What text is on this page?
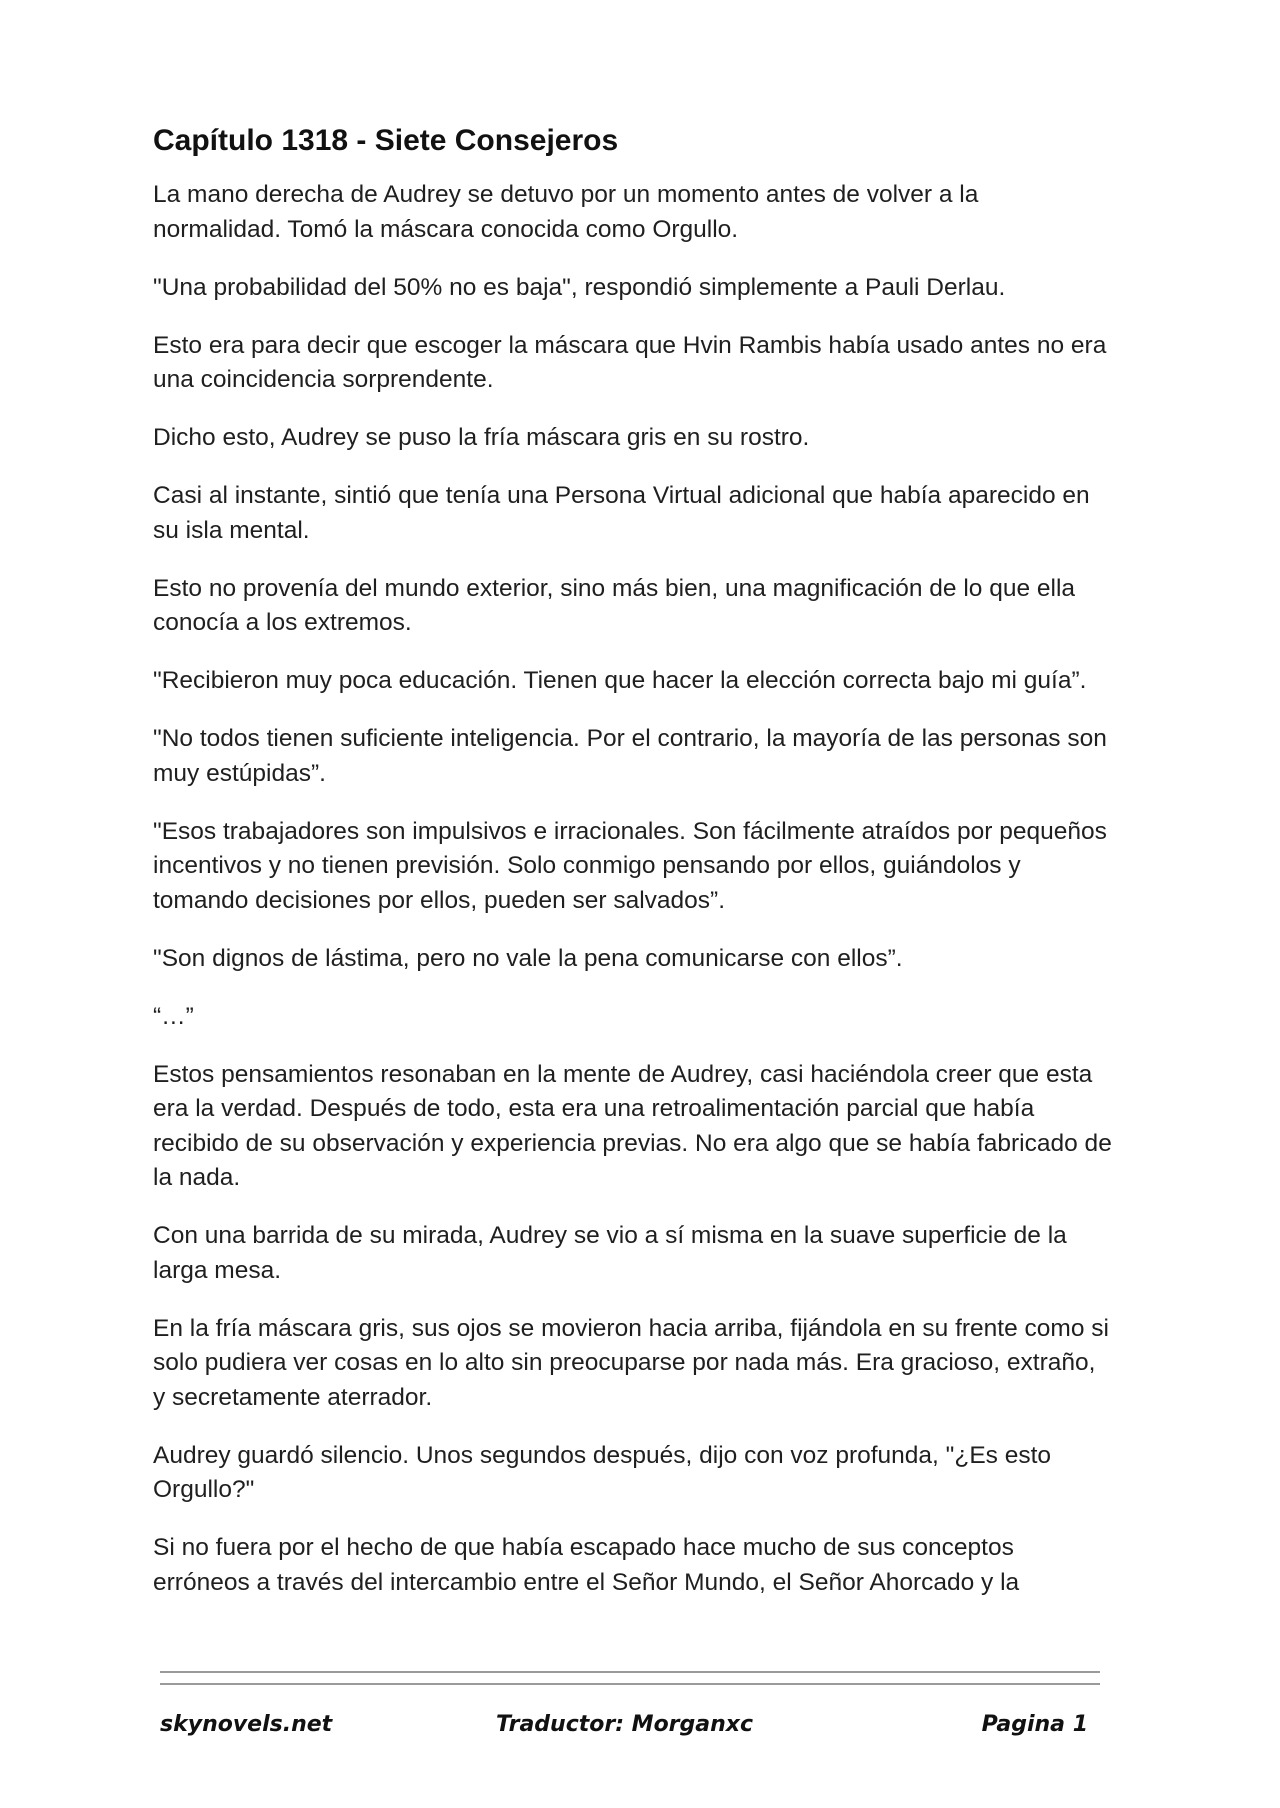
Capítulo 1318 - Siete Consejeros

La mano derecha de Audrey se detuvo por un momento antes de volver a la normalidad. Tomó la máscara conocida como Orgullo.

"Una probabilidad del 50% no es baja", respondió simplemente a Pauli Derlau.

Esto era para decir que escoger la máscara que Hvin Rambis había usado antes no era una coincidencia sorprendente.

Dicho esto, Audrey se puso la fría máscara gris en su rostro.

Casi al instante, sintió que tenía una Persona Virtual adicional que había aparecido en su isla mental.

Esto no provenía del mundo exterior, sino más bien, una magnificación de lo que ella conocía a los extremos.

"Recibieron muy poca educación. Tienen que hacer la elección correcta bajo mi guía”.

"No todos tienen suficiente inteligencia. Por el contrario, la mayoría de las personas son muy estúpidas”.

"Esos trabajadores son impulsivos e irracionales. Son fácilmente atraídos por pequeños incentivos y no tienen previsión. Solo conmigo pensando por ellos, guiándolos y tomando decisiones por ellos, pueden ser salvados”.

"Son dignos de lástima, pero no vale la pena comunicarse con ellos”.

“…”

Estos pensamientos resonaban en la mente de Audrey, casi haciéndola creer que esta era la verdad. Después de todo, esta era una retroalimentación parcial que había recibido de su observación y experiencia previas. No era algo que se había fabricado de la nada.

Con una barrida de su mirada, Audrey se vio a sí misma en la suave superficie de la larga mesa.

En la fría máscara gris, sus ojos se movieron hacia arriba, fijándola en su frente como si solo pudiera ver cosas en lo alto sin preocuparse por nada más. Era gracioso, extraño, y secretamente aterrador.

Audrey guardó silencio. Unos segundos después, dijo con voz profunda, "¿Es esto Orgullo?"

Si no fuera por el hecho de que había escapado hace mucho de sus conceptos erróneos a través del intercambio entre el Señor Mundo, el Señor Ahorcado y la

skynovels.net	Traductor: Morganxc	Pagina 1
